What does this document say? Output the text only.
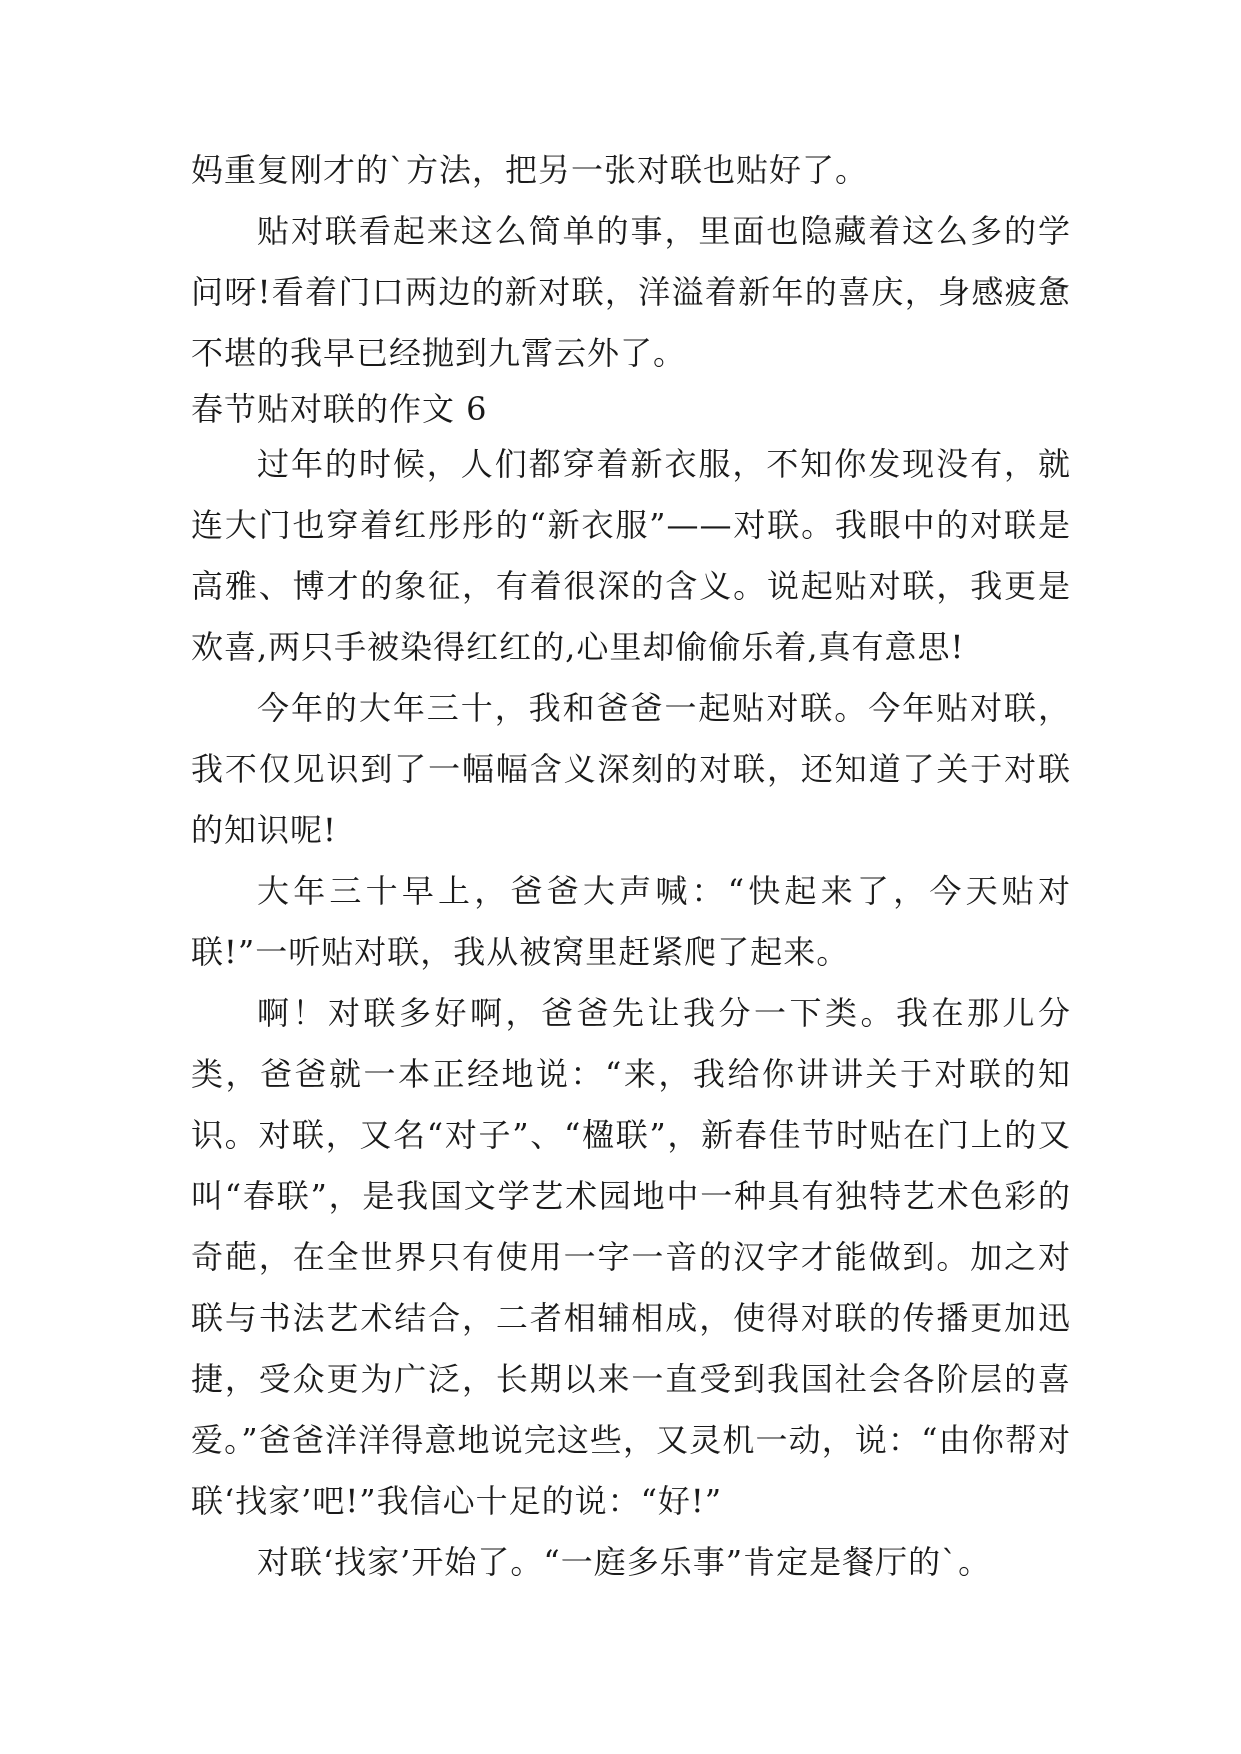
妈重复刚才的`方法，把另一张对联也贴好了。

贴对联看起来这么简单的事，里面也隐藏着这么多的学问呀!看着门口两边的新对联，洋溢着新年的喜庆，身感疲惫不堪的我早已经抛到九霄云外了。

春节贴对联的作文 6

过年的时候，人们都穿着新衣服，不知你发现没有，就连大门也穿着红彤彤的“新衣服”——对联。我眼中的对联是高雅、博才的象征，有着很深的含义。说起贴对联，我更是欢喜,两只手被染得红红的,心里却偷偷乐着,真有意思!

今年的大年三十，我和爸爸一起贴对联。今年贴对联，我不仅见识到了一幅幅含义深刻的对联，还知道了关于对联的知识呢!

大年三十早上，爸爸大声喊：“快起来了，今天贴对联!”一听贴对联，我从被窝里赶紧爬了起来。

啊！对联多好啊，爸爸先让我分一下类。我在那儿分类，爸爸就一本正经地说：“来，我给你讲讲关于对联的知识。对联，又名“对子”、“楹联”，新春佳节时贴在门上的又叫“春联”，是我国文学艺术园地中一种具有独特艺术色彩的奇葩，在全世界只有使用一字一音的汉字才能做到。加之对联与书法艺术结合，二者相辅相成，使得对联的传播更加迅捷，受众更为广泛，长期以来一直受到我国社会各阶层的喜爱。”爸爸洋洋得意地说完这些，又灵机一动，说：“由你帮对联‘找家’吧!”我信心十足的说：“好!”

对联‘找家’开始了。“一庭多乐事”肯定是餐厅的`。
